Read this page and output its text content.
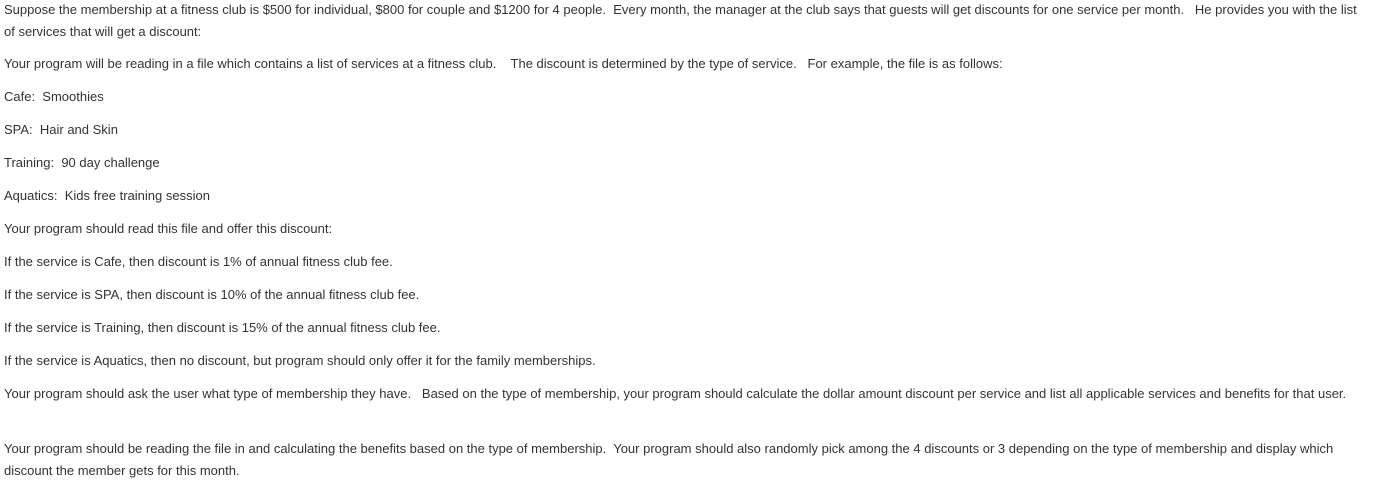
Suppose the membership at a fitness club is $500 for individual, $800 for couple and $1200 for 4 people.  Every month, the manager at the club says that guests will get discounts for one service per month.   He provides you with the list of services that will get a discount:

Your program will be reading in a file which contains a list of services at a fitness club.    The discount is determined by the type of service.   For example, the file is as follows:

Cafe:  Smoothies

SPA:  Hair and Skin

Training:  90 day challenge

Aquatics:  Kids free training session

Your program should read this file and offer this discount:

If the service is Cafe, then discount is 1% of annual fitness club fee.

If the service is SPA, then discount is 10% of the annual fitness club fee.

If the service is Training, then discount is 15% of the annual fitness club fee.

If the service is Aquatics, then no discount, but program should only offer it for the family memberships.

Your program should ask the user what type of membership they have.   Based on the type of membership, your program should calculate the dollar amount discount per service and list all applicable services and benefits for that user.

Your program should be reading the file in and calculating the benefits based on the type of membership.  Your program should also randomly pick among the 4 discounts or 3 depending on the type of membership and display which discount the member gets for this month.
